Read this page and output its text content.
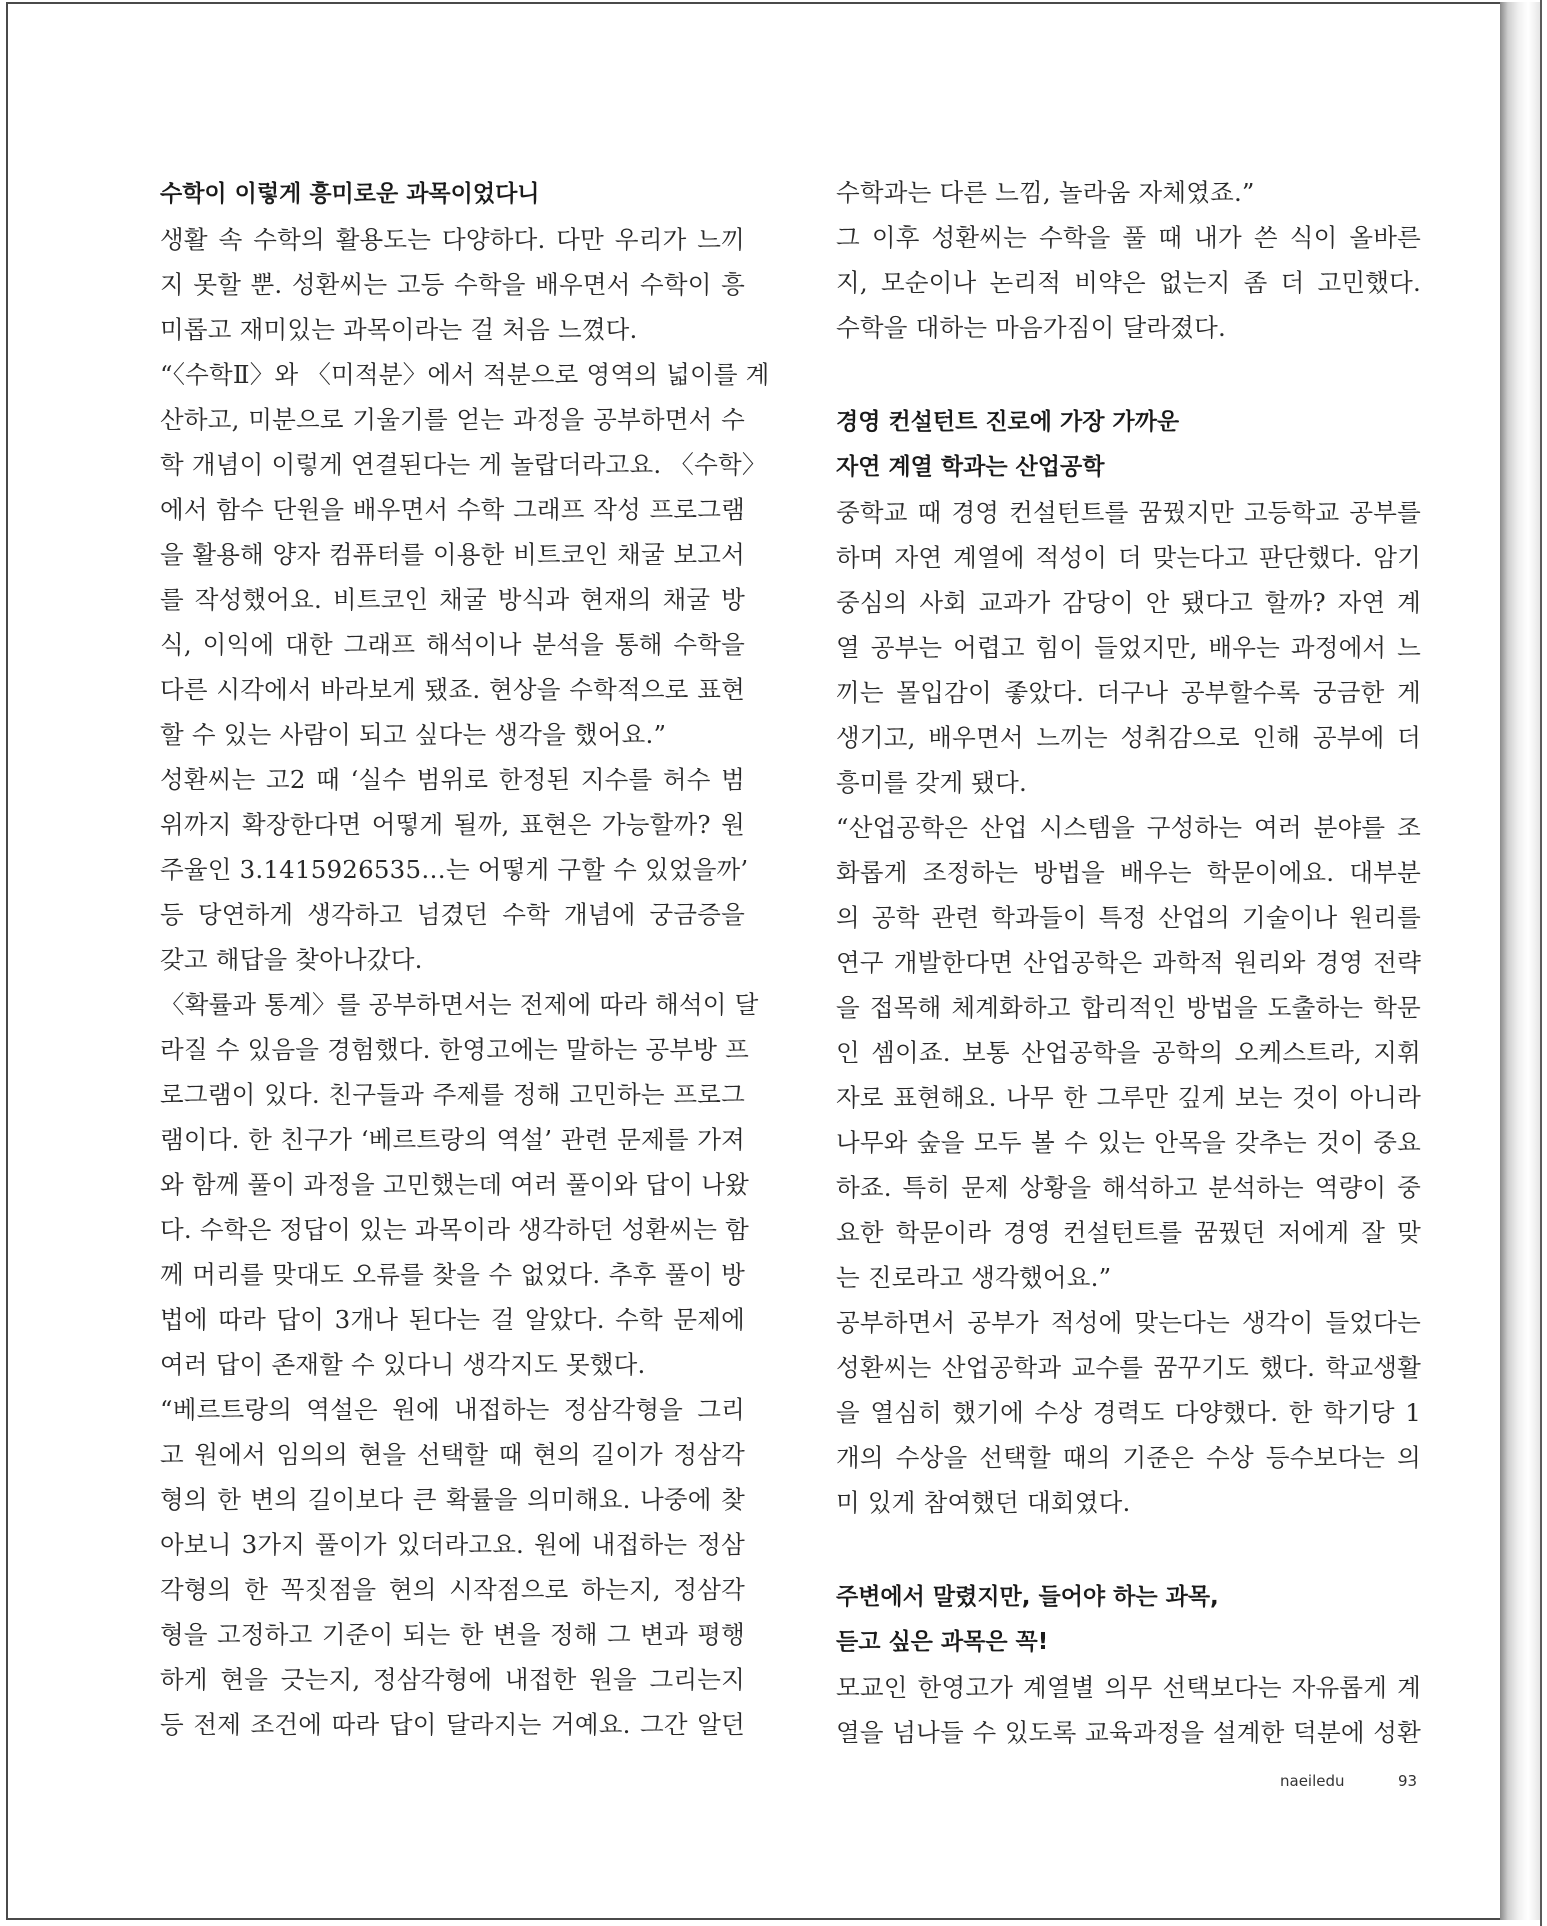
수학이 이렇게 흥미로운 과목이었다니
생활 속 수학의 활용도는 다양하다. 다만 우리가 느끼
지 못할 뿐. 성환씨는 고등 수학을 배우면서 수학이 흥
미롭고 재미있는 과목이라는 걸 처음 느꼈다.
“〈수학Ⅱ〉와 〈미적분〉에서 적분으로 영역의 넓이를 계
산하고, 미분으로 기울기를 얻는 과정을 공부하면서 수
학 개념이 이렇게 연결된다는 게 놀랍더라고요. 〈수학〉
에서 함수 단원을 배우면서 수학 그래프 작성 프로그램
을 활용해 양자 컴퓨터를 이용한 비트코인 채굴 보고서
를 작성했어요. 비트코인 채굴 방식과 현재의 채굴 방
식, 이익에 대한 그래프 해석이나 분석을 통해 수학을
다른 시각에서 바라보게 됐죠. 현상을 수학적으로 표현
할 수 있는 사람이 되고 싶다는 생각을 했어요.”
성환씨는 고2 때 ‘실수 범위로 한정된 지수를 허수 범
위까지 확장한다면 어떻게 될까, 표현은 가능할까? 원
주율인 3.1415926535…는 어떻게 구할 수 있었을까’
등 당연하게 생각하고 넘겼던 수학 개념에 궁금증을
갖고 해답을 찾아나갔다.
〈확률과 통계〉를 공부하면서는 전제에 따라 해석이 달
라질 수 있음을 경험했다. 한영고에는 말하는 공부방 프
로그램이 있다. 친구들과 주제를 정해 고민하는 프로그
램이다. 한 친구가 ‘베르트랑의 역설’ 관련 문제를 가져
와 함께 풀이 과정을 고민했는데 여러 풀이와 답이 나왔
다. 수학은 정답이 있는 과목이라 생각하던 성환씨는 함
께 머리를 맞대도 오류를 찾을 수 없었다. 추후 풀이 방
법에 따라 답이 3개나 된다는 걸 알았다. 수학 문제에
여러 답이 존재할 수 있다니 생각지도 못했다.
“베르트랑의 역설은 원에 내접하는 정삼각형을 그리
고 원에서 임의의 현을 선택할 때 현의 길이가 정삼각
형의 한 변의 길이보다 큰 확률을 의미해요. 나중에 찾
아보니 3가지 풀이가 있더라고요. 원에 내접하는 정삼
각형의 한 꼭짓점을 현의 시작점으로 하는지, 정삼각
형을 고정하고 기준이 되는 한 변을 정해 그 변과 평행
하게 현을 긋는지, 정삼각형에 내접한 원을 그리는지
등 전제 조건에 따라 답이 달라지는 거예요. 그간 알던
수학과는 다른 느낌, 놀라움 자체였죠.”
그 이후 성환씨는 수학을 풀 때 내가 쓴 식이 올바른
지, 모순이나 논리적 비약은 없는지 좀 더 고민했다.
수학을 대하는 마음가짐이 달라졌다.
경영 컨설턴트 진로에 가장 가까운
자연 계열 학과는 산업공학
중학교 때 경영 컨설턴트를 꿈꿨지만 고등학교 공부를
하며 자연 계열에 적성이 더 맞는다고 판단했다. 암기
중심의 사회 교과가 감당이 안 됐다고 할까? 자연 계
열 공부는 어렵고 힘이 들었지만, 배우는 과정에서 느
끼는 몰입감이 좋았다. 더구나 공부할수록 궁금한 게
생기고, 배우면서 느끼는 성취감으로 인해 공부에 더
흥미를 갖게 됐다.
“산업공학은 산업 시스템을 구성하는 여러 분야를 조
화롭게 조정하는 방법을 배우는 학문이에요. 대부분
의 공학 관련 학과들이 특정 산업의 기술이나 원리를
연구 개발한다면 산업공학은 과학적 원리와 경영 전략
을 접목해 체계화하고 합리적인 방법을 도출하는 학문
인 셈이죠. 보통 산업공학을 공학의 오케스트라, 지휘
자로 표현해요. 나무 한 그루만 깊게 보는 것이 아니라
나무와 숲을 모두 볼 수 있는 안목을 갖추는 것이 중요
하죠. 특히 문제 상황을 해석하고 분석하는 역량이 중
요한 학문이라 경영 컨설턴트를 꿈꿨던 저에게 잘 맞
는 진로라고 생각했어요.”
공부하면서 공부가 적성에 맞는다는 생각이 들었다는
성환씨는 산업공학과 교수를 꿈꾸기도 했다. 학교생활
을 열심히 했기에 수상 경력도 다양했다. 한 학기당 1
개의 수상을 선택할 때의 기준은 수상 등수보다는 의
미 있게 참여했던 대회였다.
주변에서 말렸지만, 들어야 하는 과목,
듣고 싶은 과목은 꼭!
모교인 한영고가 계열별 의무 선택보다는 자유롭게 계
열을 넘나들 수 있도록 교육과정을 설계한 덕분에 성환
naeiledu	93
